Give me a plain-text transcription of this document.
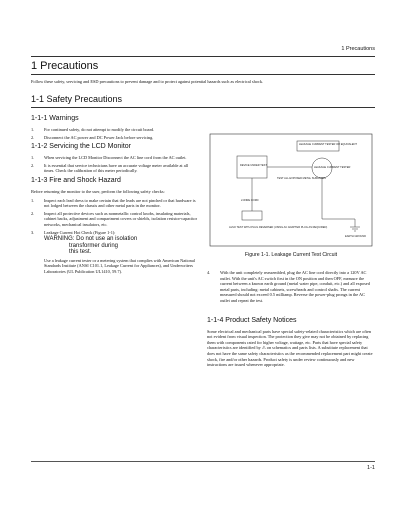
1 Precautions
1 Precautions
Follow these safety, servicing and ESD precautions to prevent damage and to protect against potential hazards such as electrical shock.
1-1 Safety Precautions
1-1-1 Warnings
1. For continued safety, do not attempt to modify the circuit board.
2. Disconnect the AC power and DC Power Jack before servicing.
1-1-2 Servicing the LCD Monitor
1. When servicing the LCD Monitor Disconnect the AC line cord from the AC outlet.
2. It is essential that service technicians have an accurate voltage meter available at all times. Check the calibration of this meter periodically.
1-1-3 Fire and Shock Hazard

Before returning the monitor to the user, perform the following safety checks:

1. Inspect each lead dress to make certain that the leads are not pinched or that hardware is not lodged between the chassis and other metal parts in the monitor.
2. Inspect all protective devices such as nonmetallic control knobs, insulating materials, cabinet backs, adjustment and compartment covers or shields, isolation resistor-capacitor networks, mechanical insulators, etc.
3. Leakage Current Hot Check (Figure 1-1):
WARNING: Do not use an isolation
transformer during
this test.
Use a leakage current tester or a metering system that complies with American National Standards Institute (ANSI C101.1, Leakage Current for Appliances), and Underwriters Laboratories (UL Publication UL1410, 59.7).
LEAKAGE CURRENT TESTER OR EQUIVALENT
DEVICE UNDER TEST
LEAKAGE CURRENT TESTER
TEST ALL EXPOSED METAL SURFACES
2-WIRE CORD
EARTH GROUND
ALSO TEST WITH PLUG REVERSED (USING AC ADAPTER PLUG AS REQUIRED)
Figure 1-1. Leakage Current Test Circuit
4. With the unit completely reassembled, plug the AC line cord directly into a 120V AC outlet. With the unit's AC switch first in the ON position and then OFF, measure the current between a known earth ground (metal water pipe, conduit, etc.) and all exposed metal parts, including: metal cabinets, screwheads and control shafts. The current measured should not exceed 0.5 milliamp. Reverse the power-plug prongs in the AC outlet and repeat the test.
1-1-4 Product Safety Notices

Some electrical and mechanical parts have special safety-related characteristics which are often not evident from visual inspection. The protection they give may not be obtained by replacing them with components rated for higher voltage, wattage, etc. Parts that have special safety characteristics are identified by ⚠ on schematics and parts lists. A substitute replacement that does not have the same safety characteristics as the recommended replacement part might create shock, fire and/or other hazards. Product safety is under review continuously and new instructions are issued whenever appropriate.

1-1
